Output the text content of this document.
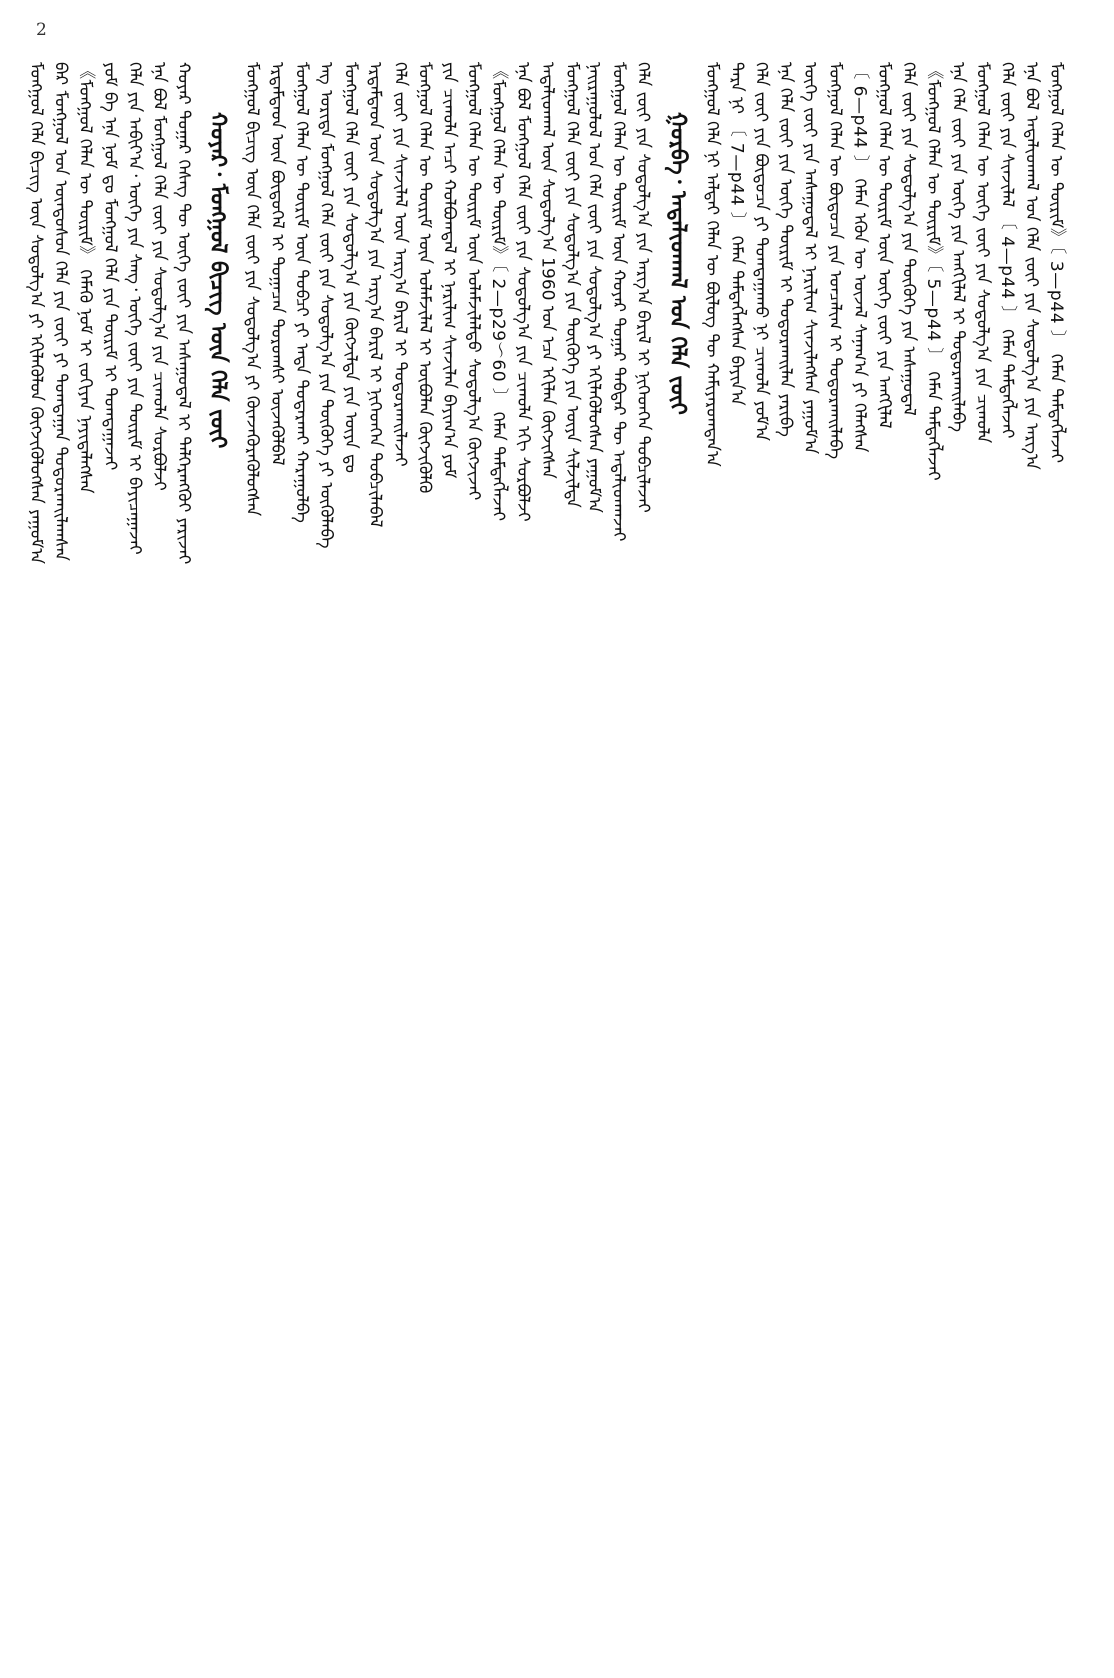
2
ᠬᠣᠶᠠᠷ᠂ ᠮᠣᠩᠭᠣᠯ ᠪᠢᠴᠢᠭ᠌ ᠦᠨ ᠬᠡᠯᠡ ᠵᠦᠢ
ᠮᠣᠩᠭᠣᠯ ᠬᠡᠯᠡ ᠪᠢᠴᠢᠭ᠌ ᠦᠨ ᠰᠤᠳᠤᠯᠭ᠎ᠠ ᠶᠢ ᠡᠬᠢᠯᠡᠭᠦᠯᠦᠨ ᠬᠦᠭᠵᠢᠭᠦᠯᠦᠭᠰᠡᠨ ᠶᠠᠭᠤᠮ᠎ᠠ ᠪᠡᠷ ᠮᠣᠩᠭᠣᠯ ᠤᠨ ᠦᠨᠳᠦᠰᠦᠨ ᠬᠡᠯᠡ ᠶᠢᠨ ᠵᠦᠢ ᠶᠢ ᠲᠣᠭᠲᠠᠭᠠᠨ ᠲᠣᠳᠤᠷᠬᠠᠢᠯᠠᠭᠰᠠᠨ 《ᠮᠣᠩᠭᠣᠯ ᠬᠡᠯᠡᠨ ᠦ ᠳᠦᠷᠢᠮ》 ᠬᠡᠮᠡᠬᠦ ᠨᠣᠮ ᠢ ᠵᠣᠬᠢᠶᠠᠨ ᠨᠡᠶᠢᠲᠡᠯᠡᠭᠰᠡᠨ ᠶᠤᠮ ᠪᠠ ᠡᠨᠡ ᠨᠣᠮ ᠳᠤ ᠮᠣᠩᠭᠣᠯ ᠬᠡᠯᠡ ᠶᠢᠨ ᠳᠦᠷᠢᠮ ᠢ ᠲᠣᠭᠲᠠᠭᠠᠵᠠᠢ ᠬᠡᠯᠡ ᠶᠢᠨ ᠠᠪᠢᠶ᠎ᠠ᠂ ᠦᠭᠡ ᠶᠢᠨ ᠰᠠᠩ᠂ ᠦᠭᠡ ᠵᠦᠢ ᠶᠢᠨ ᠳᠦᠷᠢᠮ ᠢ ᠪᠠᠶᠢᠴᠠᠭᠠᠵᠠᠢ ᠡᠨᠡ ᠪᠣᠯ ᠮᠣᠩᠭᠣᠯ ᠬᠡᠯᠡ ᠵᠦᠢ ᠶᠢᠨ ᠰᠤᠳᠤᠯᠭ᠎ᠠ ᠶᠢᠨ ᠴᠢᠬᠤᠯᠠ ᠰᠤᠷᠪᠤᠯᠵᠢ ᠬᠣᠶᠠᠷ ᠳᠤᠭᠠᠷ ᠬᠡᠰᠡᠭ ᠲᠦ ᠦᠭᠡ ᠵᠦᠢ ᠶᠢᠨ ᠠᠰᠠᠭᠤᠳᠠᠯ ᠢ ᠳᠡᠯᠭᠡᠷᠡᠩᠭᠦᠢ ᠶᠠᠷᠢᠵᠠᠢ	ᠮᠣᠩᠭᠣᠯ ᠪᠢᠴᠢᠭ᠌ ᠦᠨ ᠬᠡᠯᠡ ᠵᠦᠢ ᠶᠢᠨ ᠰᠤᠳᠤᠯᠭ᠎ᠠ ᠶᠢ ᠭᠦᠨᠵᠡᠭᠦᠷᠡᠭᠦᠯᠦᠭᠰᠡᠨ ᠡᠷᠳᠡᠮᠲᠡᠳ ᠦᠨ ᠪᠦᠲᠦᠭᠡᠯ ᠢ ᠲᠣᠭᠠᠴᠠᠨ ᠳᠣᠷᠤᠭᠰᠢ ᠦᠵᠡᠭᠦᠯᠪᠡᠯ ᠮᠣᠩᠭᠣᠯ ᠬᠡᠯᠡᠨ ᠦ ᠳᠦᠷᠢᠮ ᠦᠨ ᠲᠣᠪᠴᠢ ᠶᠢ ᠡᠨᠳᠡ ᠲᠣᠲᠠᠷᠬᠠᠢ ᠬᠠᠷᠠᠭᠤᠯᠪᠠ ᠡᠩ ᠤᠷᠢᠳᠠ ᠮᠣᠩᠭᠣᠯ ᠬᠡᠯᠡ ᠵᠦᠢ ᠶᠢᠨ ᠰᠤᠳᠤᠯᠭ᠎ᠠ ᠶᠢᠨ ᠲᠦᠭᠦᠬᠡ ᠶᠢ ᠥᠭᠦᠯᠡᠪᠡ ᠮᠣᠩᠭᠣᠯ ᠬᠡᠯᠡ ᠵᠦᠢ ᠶᠢᠨ ᠰᠤᠳᠤᠯᠭ᠎ᠠ ᠶᠢᠨ ᠬᠥᠭᠵᠢᠯᠲᠡ ᠶᠢᠨ ᠦᠶᠡ ᠳᠤ ᠡᠷᠳᠡᠮᠲᠡᠳ ᠦᠨ ᠰᠤᠳᠤᠯᠭ᠎ᠠ ᠶᠢᠨ ᠠᠷᠭ᠎ᠠ ᠪᠠᠷᠢᠯ ᠢ ᠨᠢᠭᠡᠳᠭᠡᠨ ᠲᠣᠪᠴᠢᠯᠠᠪᠠᠯ ᠬᠡᠯᠡ ᠵᠦᠢ ᠶᠢᠨ ᠰᠢᠨᠵᠢᠯᠡᠯ ᠦᠨ ᠠᠷᠭ᠎ᠠ ᠪᠠᠷᠢᠯ ᠢ ᠲᠣᠳᠣᠷᠬᠠᠢᠯᠠᠵᠠᠢ ᠮᠣᠩᠭᠣᠯ ᠬᠡᠯᠡᠨ ᠦ ᠳᠦᠷᠢᠮ ᠦᠨ ᠤᠯᠠᠮᠵᠢᠯᠠᠯ ᠢ ᠥᠪᠦᠯᠡᠨ ᠬᠥᠭᠵᠢᠭᠦᠯᠬᠦ ᠶᠢᠨ ᠴᠢᠬᠤᠯᠠ ᠠᠴᠢ ᠬᠣᠯᠪᠣᠭᠳᠠᠯ ᠢ ᠨᠠᠷᠢᠯᠢᠭ ᠰᠢᠨᠵᠢᠯᠡᠨ ᠪᠠᠶᠢᠭ᠎ᠠ ᠶᠤᠮ ᠮᠣᠩᠭᠣᠯ ᠬᠡᠯᠡᠨ ᠦ ᠳᠦᠷᠢᠮ ᠦᠨ ᠤᠯᠠᠮᠵᠢᠯᠠᠯᠲᠤ ᠰᠤᠳᠤᠯᠭ᠎ᠠ ᠬᠦᠭᠵᠢᠵᠡᠢ 《ᠮᠣᠩᠭᠣᠯ ᠬᠡᠯᠡᠨ ᠦ ᠳᠦᠷᠢᠮ》〔 2—p29～60 〕 ᠬᠡᠮᠡᠨ ᠲᠡᠮᠳᠡᠭᠯᠡᠵᠡᠢ ᠡᠨᠡ ᠪᠣᠯ ᠮᠣᠩᠭᠣᠯ ᠬᠡᠯᠡ ᠵᠦᠢ ᠶᠢᠨ ᠰᠤᠳᠤᠯᠭ᠎ᠠ ᠶᠢᠨ ᠴᠢᠬᠤᠯᠠ ᠡᠬᠢ ᠰᠤᠷᠪᠤᠯᠵᠢ ᠠᠳᠠᠯᠢᠳᠬᠠᠯ ᠦᠨ ᠰᠤᠳᠤᠯᠭ᠎ᠠ 1960 ᠣᠨ ᠡᠴᠡ ᠡᠬᠢᠯᠡᠨ ᠬᠥᠭᠵᠢᠭᠰᠡᠨ ᠮᠣᠩᠭᠣᠯ ᠬᠡᠯᠡ ᠵᠦᠢ ᠶᠢᠨ ᠰᠤᠳᠤᠯᠭ᠎ᠠ ᠶᠢᠨ ᠲᠦᠭᠦᠬᠡ ᠶᠢᠨ ᠦᠶᠡ ᠰᠢᠯᠵᠢᠯᠲᠡ	ᠭᠤᠷᠪᠠ᠂ ᠠᠳᠠᠯᠢᠳᠬᠠᠯ ᠤᠨ ᠬᠡᠯᠡ ᠵᠦᠢ
ᠨᠠᠢᠷᠠᠭᠤᠯᠤᠯ ᠤᠨ ᠬᠡᠯᠡ ᠵᠦᠢ ᠶᠢᠨ ᠰᠤᠳᠤᠯᠭ᠎ᠠ ᠶᠢ ᠡᠬᠢᠯᠡᠭᠦᠯᠦᠭᠰᠡᠨ ᠶᠠᠭᠤᠮ᠎ᠠ ᠮᠣᠩᠭᠣᠯ ᠬᠡᠯᠡᠨ ᠦ ᠳᠦᠷᠢᠮ ᠦᠨ ᠬᠣᠶᠠᠷ ᠳᠤᠭᠠᠷ ᠳᠡᠪᠲᠡᠷ ᠲᠦ ᠠᠳᠠᠯᠢᠳᠬᠠᠵᠠᠢ ᠬᠡᠯᠡ ᠵᠦᠢ ᠶᠢᠨ ᠰᠤᠳᠤᠯᠭ᠎ᠠ ᠶᠢᠨ ᠠᠷᠭ᠎ᠠ ᠪᠠᠷᠢᠯ ᠢ ᠨᠢᠭᠡᠳᠭᠡᠨ ᠲᠣᠪᠴᠢᠯᠠᠵᠠᠢ	ᠮᠣᠩᠭᠣᠯ ᠬᠡᠯᠡ ᠨᠢ ᠠᠯᠲᠠᠢ ᠬᠡᠯᠡᠨ ᠦ ᠪᠦᠯᠦᠭ ᠲᠦ ᠬᠠᠮᠢᠶᠠᠷᠤᠭᠳᠠᠨ᠎ᠠ ᠲᠡᠷᠡ ᠨᠢ 〔 7—p44 〕 ᠬᠡᠮᠡᠨ ᠲᠡᠮᠳᠡᠭᠯᠡᠭᠰᠡᠨ ᠪᠠᠶᠢᠨ᠎ᠠ ᠬᠡᠯᠡ ᠵᠦᠢ ᠶᠢᠨ ᠪᠦᠲᠦᠴᠡ ᠶᠢ ᠲᠣᠭᠲᠠᠭᠠᠬᠤ ᠨᠢ ᠴᠢᠬᠤᠯᠠ ᠶᠤᠮ᠎ᠠ ᠡᠨᠡ ᠬᠡᠯᠡ ᠵᠦᠢ ᠶᠢᠨ ᠦᠭᠡ ᠳᠦᠷᠢᠮ ᠢ ᠲᠣᠳᠣᠷᠬᠠᠢᠯᠠᠨ ᠶᠠᠷᠢᠪᠠ ᠦᠭᠡ ᠵᠦᠢ ᠶᠢᠨ ᠠᠰᠠᠭᠤᠳᠠᠯ ᠢ ᠨᠠᠷᠢᠯᠢᠭ ᠰᠢᠨᠵᠢᠯᠡᠭᠰᠡᠨ ᠶᠠᠭᠤᠮ᠎ᠠ ᠮᠣᠩᠭᠣᠯ ᠬᠡᠯᠡᠨ ᠦ ᠪᠦᠲᠦᠴᠡ ᠶᠢᠨ ᠣᠨᠴᠠᠯᠢᠭ ᠢ ᠲᠣᠳᠣᠷᠬᠠᠢᠯᠠᠪᠠ 〔 6—p44 〕 ᠬᠡᠮᠡᠨ ᠡᠭᠦᠨ ᠦ ᠦᠵᠡᠯ ᠰᠠᠨᠠᠭ᠎ᠠ ᠶᠢ ᠬᠡᠯᠡᠭᠰᠡᠨ ᠮᠣᠩᠭᠣᠯ ᠬᠡᠯᠡᠨ ᠦ ᠳᠦᠷᠢᠮ ᠦᠨ ᠦᠭᠡ ᠵᠦᠢ ᠶᠢᠨ ᠠᠩᠭᠢᠯᠠᠯ ᠬᠡᠯᠡ ᠵᠦᠢ ᠶᠢᠨ ᠰᠤᠳᠤᠯᠭ᠎ᠠ ᠶᠢᠨ ᠲᠦᠭᠦᠬᠡ ᠶᠢᠨ ᠠᠰᠠᠭᠤᠳᠠᠯ 《ᠮᠣᠩᠭᠣᠯ ᠬᠡᠯᠡᠨ ᠦ ᠳᠦᠷᠢᠮ》〔 5—p44 〕 ᠬᠡᠮᠡᠨ ᠲᠡᠮᠳᠡᠭᠯᠡᠵᠡᠢ ᠡᠨᠡ ᠬᠡᠯᠡ ᠵᠦᠢ ᠶᠢᠨ ᠦᠭᠡ ᠶᠢᠨ ᠠᠩᠭᠢᠯᠠᠯ ᠢ ᠲᠣᠳᠣᠷᠬᠠᠢᠯᠠᠪᠠ ᠮᠣᠩᠭᠣᠯ ᠬᠡᠯᠡᠨ ᠦ ᠦᠭᠡ ᠵᠦᠢ ᠶᠢᠨ ᠰᠤᠳᠤᠯᠭ᠎ᠠ ᠶᠢᠨ ᠴᠢᠬᠤᠯᠠ ᠬᠡᠯᠡ ᠵᠦᠢ ᠶᠢᠨ ᠰᠢᠨᠵᠢᠯᠡᠯ 〔 4—p44 〕 ᠬᠡᠮᠡᠨ ᠲᠡᠮᠳᠡᠭᠯᠡᠵᠡᠢ ᠡᠨᠡ ᠪᠣᠯ ᠠᠳᠠᠯᠢᠳᠬᠠᠯ ᠤᠨ ᠬᠡᠯᠡ ᠵᠦᠢ ᠶᠢᠨ ᠰᠤᠳᠤᠯᠭ᠎ᠠ ᠶᠢᠨ ᠠᠷᠭ᠎ᠠ ᠮᠣᠩᠭᠣᠯ ᠬᠡᠯᠡᠨ ᠦ ᠳᠦᠷᠢᠮ》〔 3—p44 〕 ᠬᠡᠮᠡᠨ ᠲᠡᠮᠳᠡᠭᠯᠡᠵᠡᠢ
